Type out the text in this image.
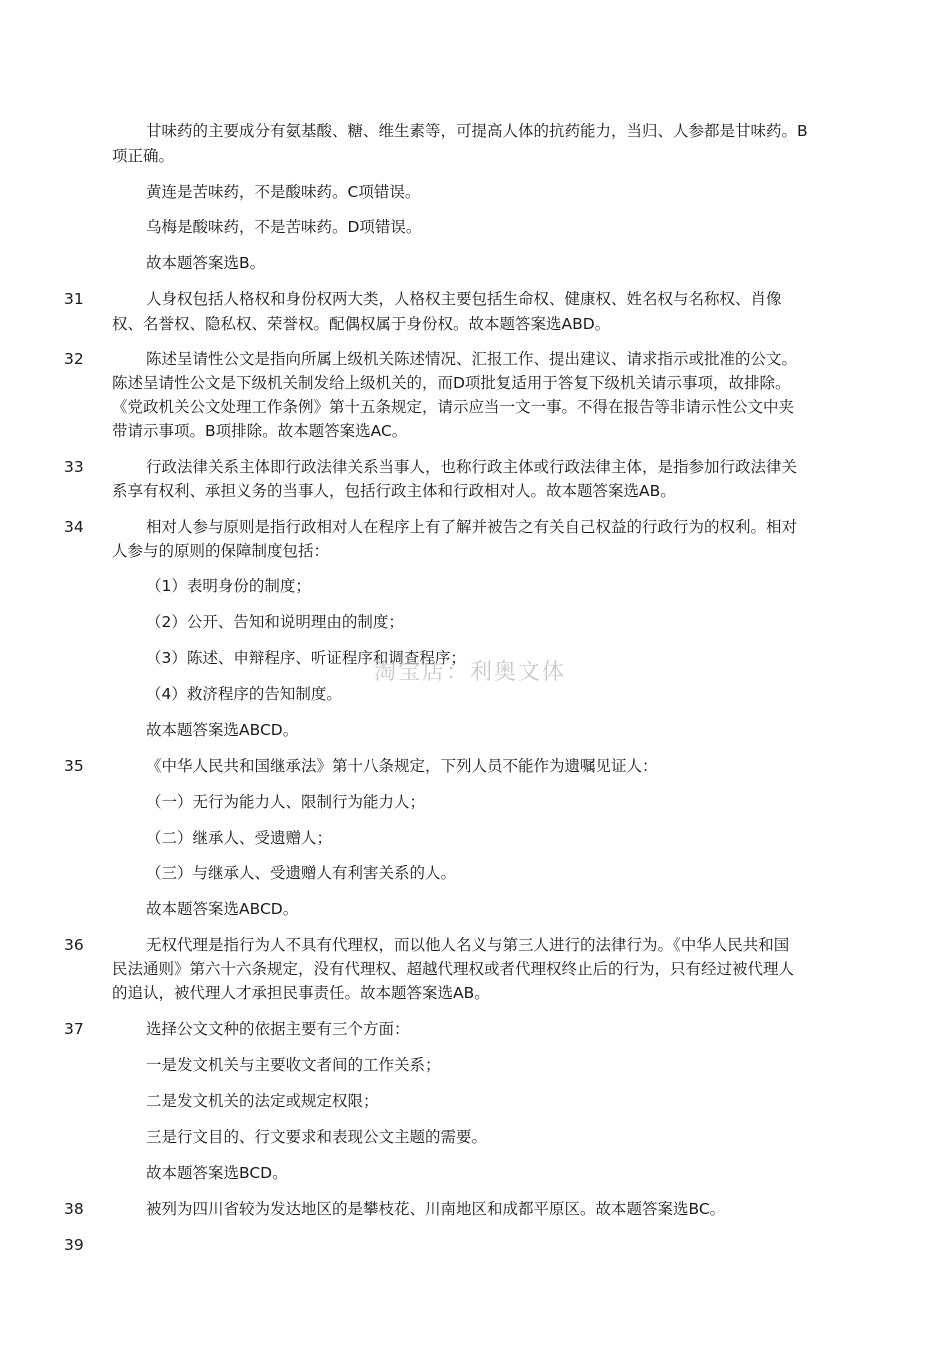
甘味药的主要成分有氨基酸、糖、维生素等，可提高人体的抗药能力，当归、人参都是甘味药。B
项正确。
黄连是苦味药，不是酸味药。C项错误。
乌梅是酸味药，不是苦味药。D项错误。
故本题答案选B。
31	人身权包括人格权和身份权两大类，人格权主要包括生命权、健康权、姓名权与名称权、肖像
权、名誉权、隐私权、荣誉权。配偶权属于身份权。故本题答案选ABD。
32	陈述呈请性公文是指向所属上级机关陈述情况、汇报工作、提出建议、请求指示或批准的公文。
陈述呈请性公文是下级机关制发给上级机关的，而D项批复适用于答复下级机关请示事项，故排除。
《党政机关公文处理工作条例》第十五条规定，请示应当一文一事。不得在报告等非请示性公文中夹
带请示事项。B项排除。故本题答案选AC。
33	行政法律关系主体即行政法律关系当事人，也称行政主体或行政法律主体，是指参加行政法律关
系享有权利、承担义务的当事人，包括行政主体和行政相对人。故本题答案选AB。
34	相对人参与原则是指行政相对人在程序上有了解并被告之有关自己权益的行政行为的权利。相对
人参与的原则的保障制度包括：
（1）表明身份的制度；
（2）公开、告知和说明理由的制度；
（3）陈述、申辩程序、听证程序和调查程序；
（4）救济程序的告知制度。
故本题答案选ABCD。
35	《中华人民共和国继承法》第十八条规定，下列人员不能作为遗嘱见证人：
（一）无行为能力人、限制行为能力人；
（二）继承人、受遗赠人；
（三）与继承人、受遗赠人有利害关系的人。
故本题答案选ABCD。
36	无权代理是指行为人不具有代理权，而以他人名义与第三人进行的法律行为。《中华人民共和国
民法通则》第六十六条规定，没有代理权、超越代理权或者代理权终止后的行为，只有经过被代理人
的追认，被代理人才承担民事责任。故本题答案选AB。
37	选择公文文种的依据主要有三个方面：
一是发文机关与主要收文者间的工作关系；
二是发文机关的法定或规定权限；
三是行文目的、行文要求和表现公文主题的需要。
故本题答案选BCD。
38	被列为四川省较为发达地区的是攀枝花、川南地区和成都平原区。故本题答案选BC。
39
淘宝店：利奥文体
